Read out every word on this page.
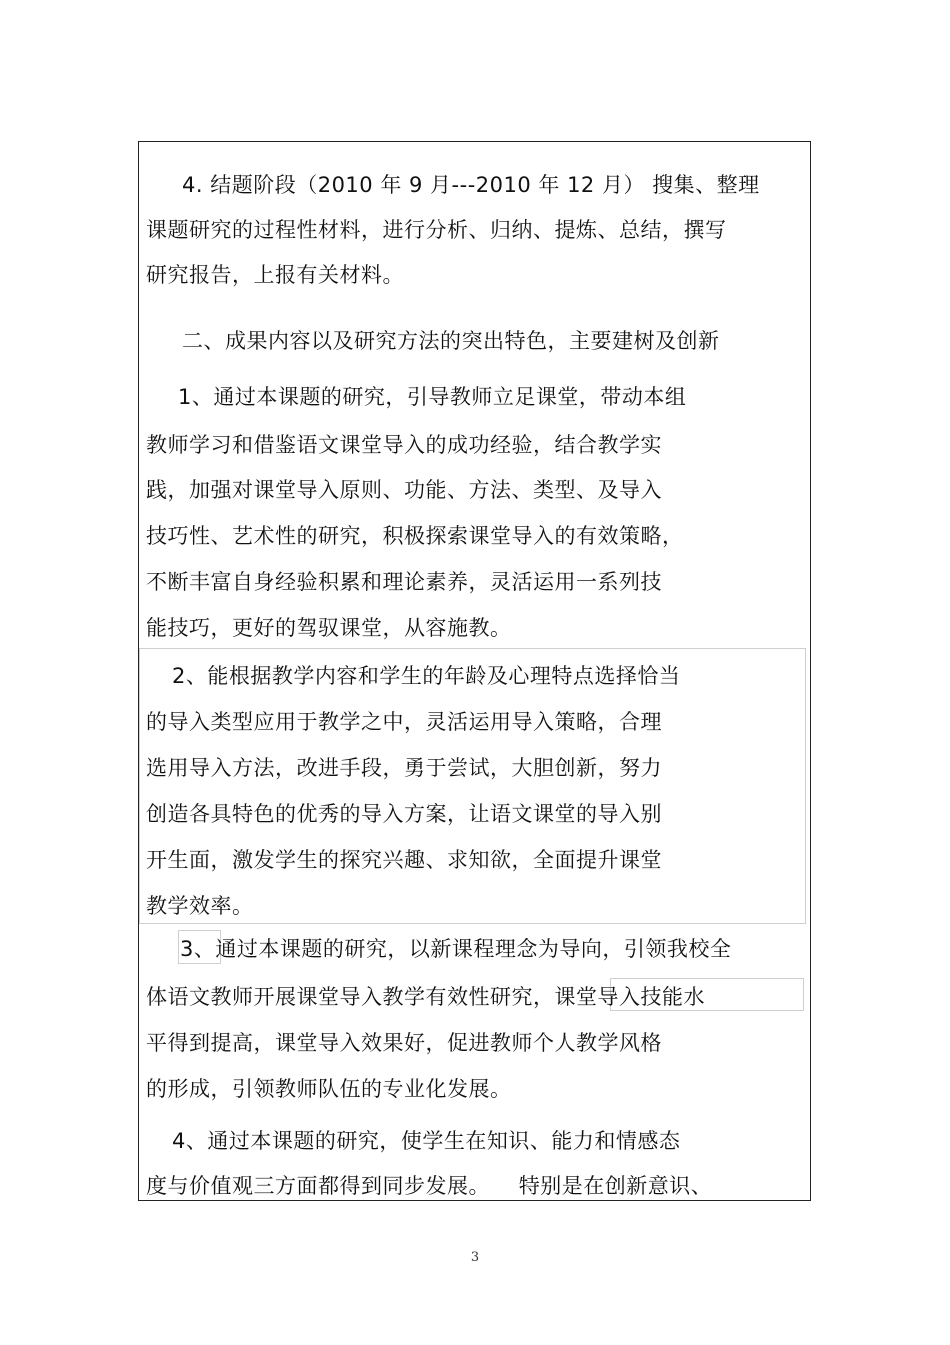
4. 结题阶段（2010 年 9 月---2010 年 12 月） 搜集、整理
课题研究的过程性材料，进行分析、归纳、提炼、总结，撰写
研究报告，上报有关材料。
二、成果内容以及研究方法的突出特色，主要建树及创新
1、通过本课题的研究，引导教师立足课堂，带动本组
教师学习和借鉴语文课堂导入的成功经验，结合教学实
践，加强对课堂导入原则、功能、方法、类型、及导入
技巧性、艺术性的研究，积极探索课堂导入的有效策略，
不断丰富自身经验积累和理论素养，灵活运用一系列技
能技巧，更好的驾驭课堂，从容施教。
2、能根据教学内容和学生的年龄及心理特点选择恰当
的导入类型应用于教学之中，灵活运用导入策略，合理
选用导入方法，改进手段，勇于尝试，大胆创新，努力
创造各具特色的优秀的导入方案，让语文课堂的导入别
开生面，激发学生的探究兴趣、求知欲，全面提升课堂
教学效率。
3、通过本课题的研究，以新课程理念为导向，引领我校全
体语文教师开展课堂导入教学有效性研究，课堂导入技能水
平得到提高，课堂导入效果好，促进教师个人教学风格
的形成，引领教师队伍的专业化发展。
4、通过本课题的研究，使学生在知识、能力和情感态
度与价值观三方面都得到同步发展。    特别是在创新意识、
3
